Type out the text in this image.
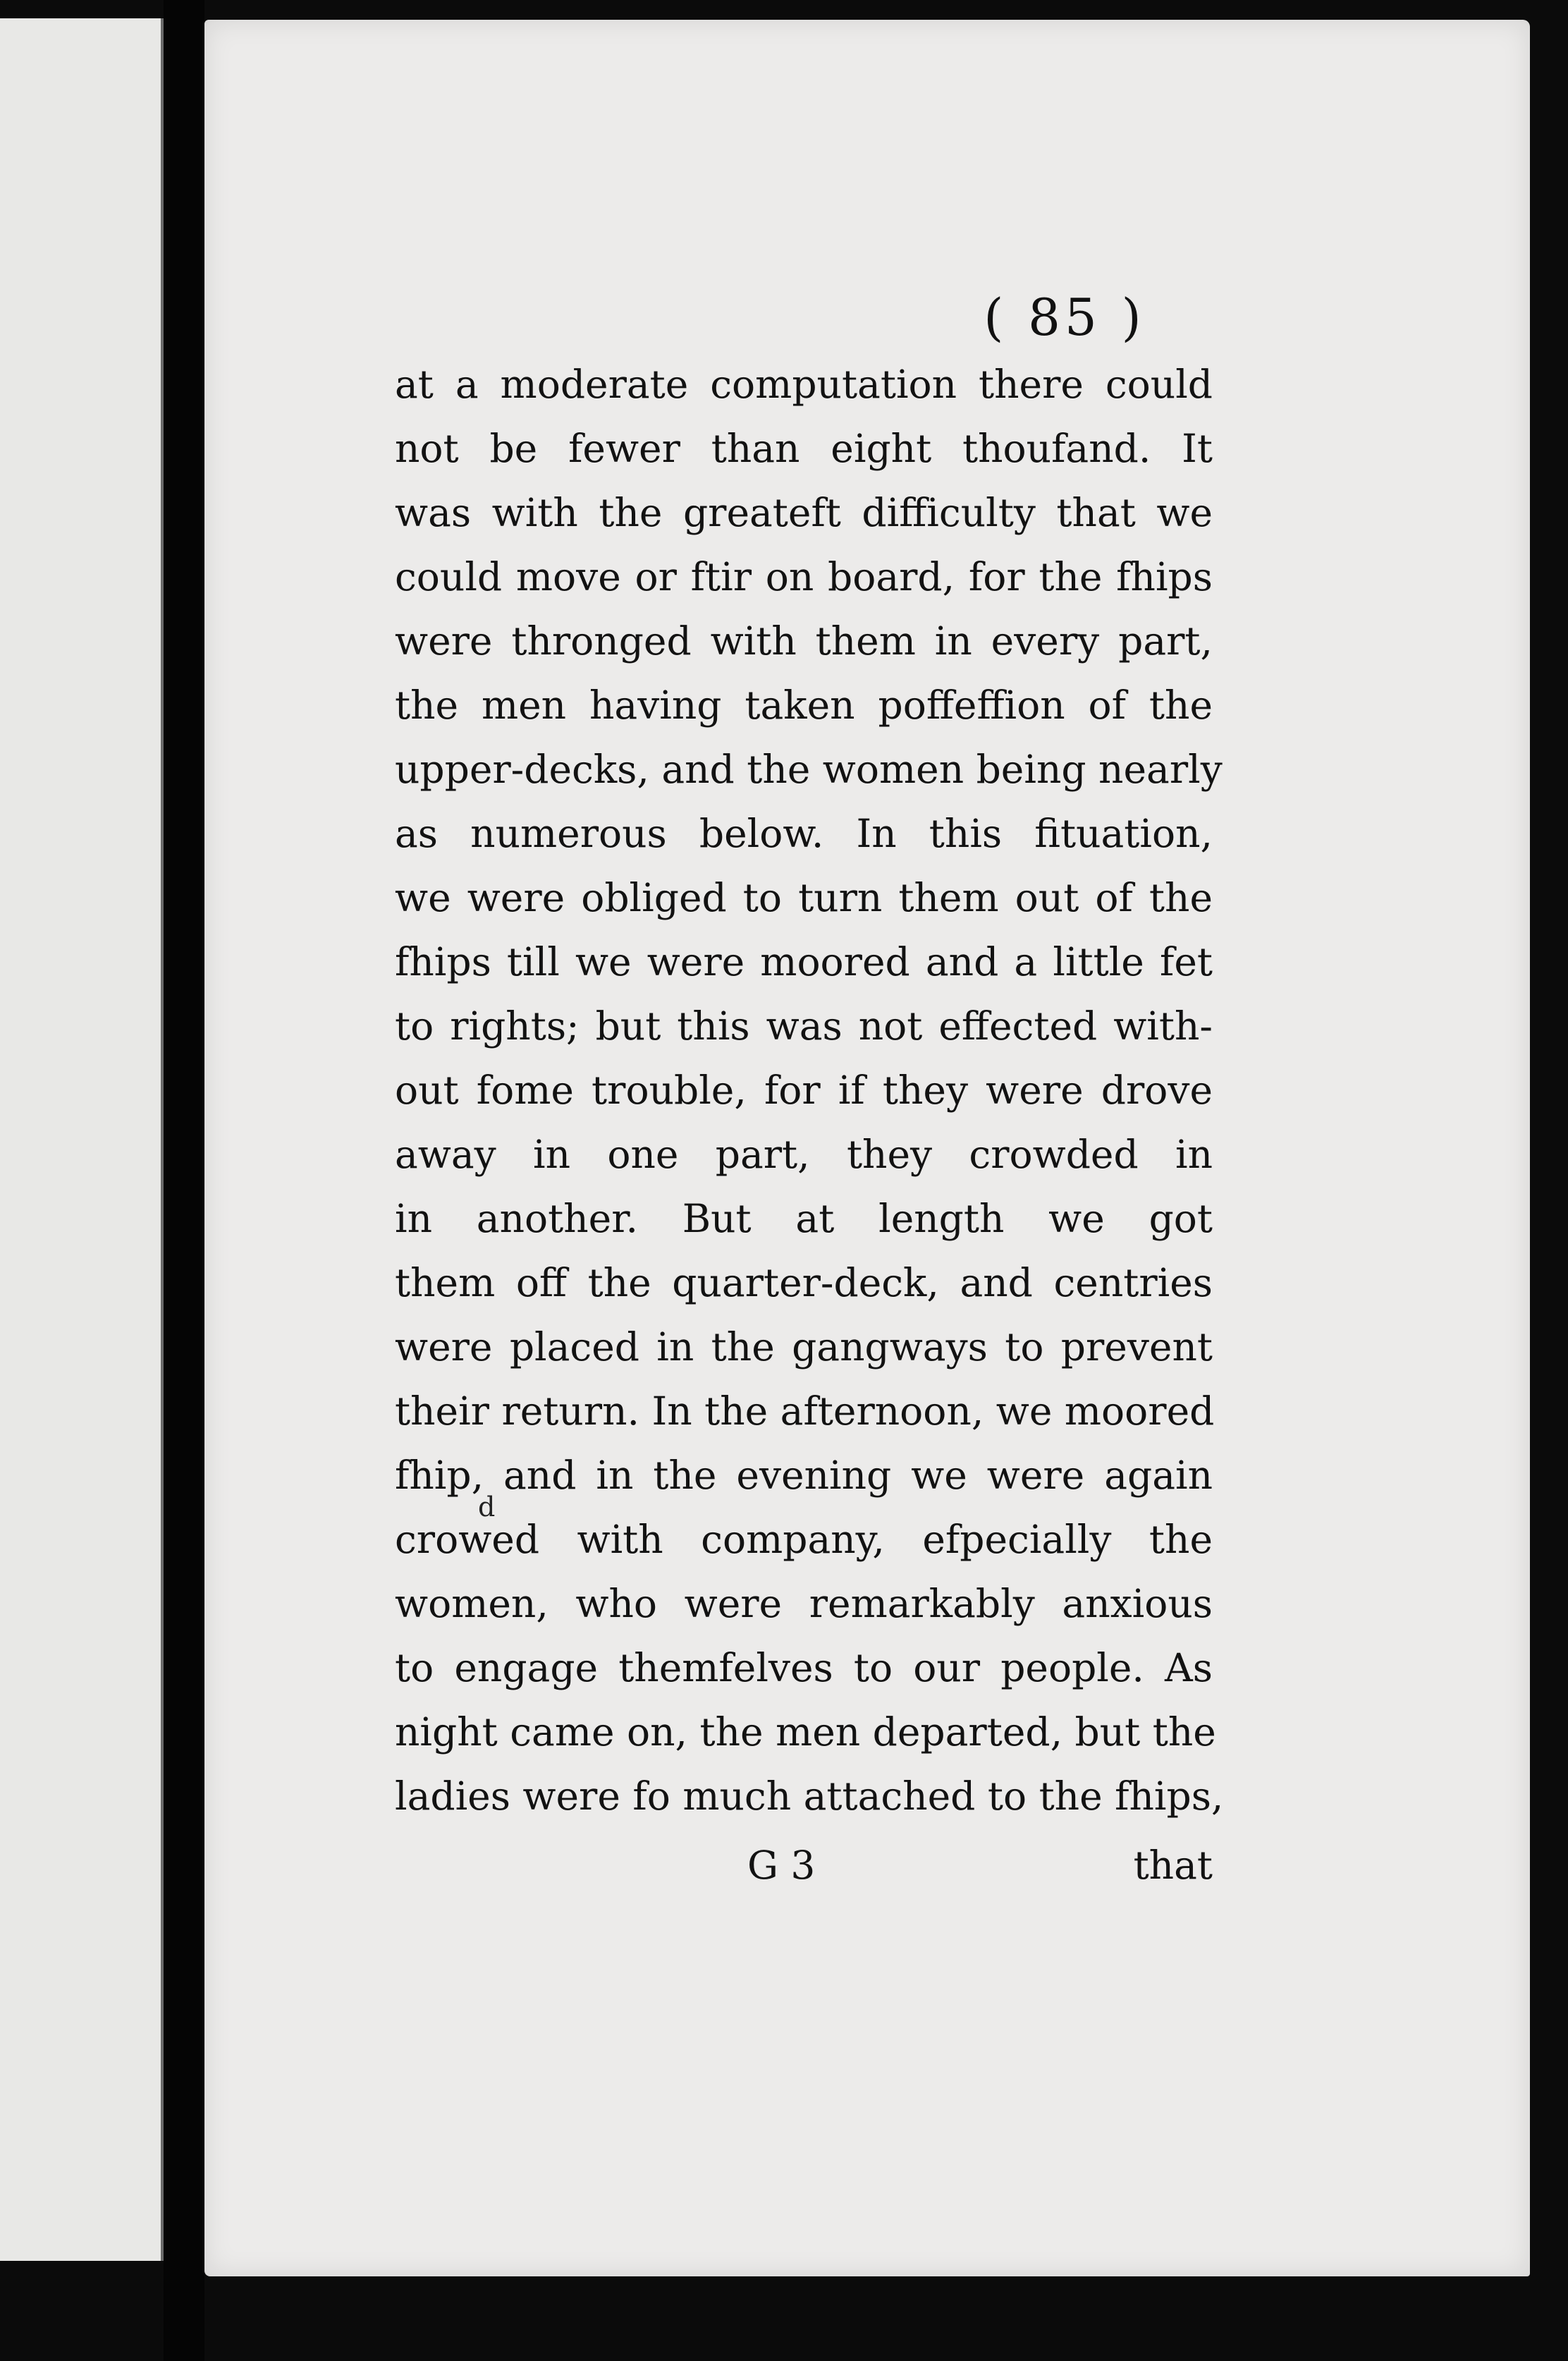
( 85 )
at a moderate computation there could
not be fewer than eight thoufand. It
was with the greateft difficulty that we
could move or ftir on board, for the fhips
were thronged with them in every part,
the men having taken poffeffion of the
upper-decks, and the women being nearly
as numerous below. In this fituation,
we were obliged to turn them out of the
fhips till we were moored and a little fet
to rights; but this was not effected with-
out fome trouble, for if they were drove
away in one part, they crowded in
in another. But at length we got
them off the quarter-deck, and centries
were placed in the gangways to prevent
their return. In the afternoon, we moored
fhip, and in the evening we were again
crowed with company, efpecially the
women, who were remarkably anxious
to engage themfelves to our people. As
night came on, the men departed, but the
ladies were fo much attached to the fhips,
d
G 3	that
